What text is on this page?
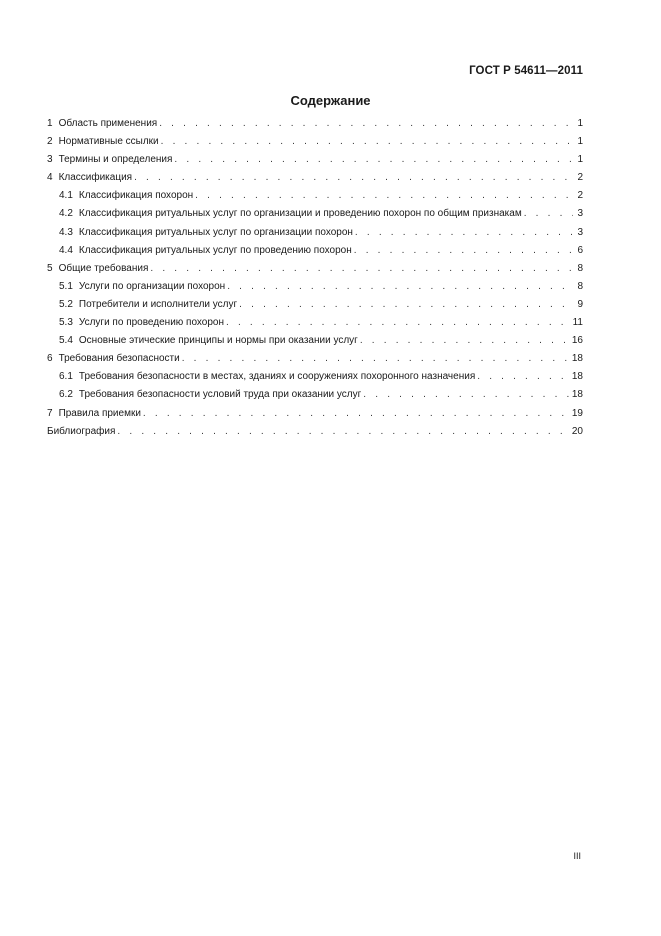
ГОСТ Р 54611—2011
Содержание
1 Область применения . . .	1
2 Нормативные ссылки . . .	1
3 Термины и определения . . .	1
4 Классификация . . .	2
4.1 Классификация похорон . . .	2
4.2 Классификация ритуальных услуг по организации и проведению похорон по общим признакам . . .	3
4.3 Классификация ритуальных услуг по организации похорон . . .	3
4.4 Классификация ритуальных услуг по проведению похорон . . .	6
5 Общие требования . . .	8
5.1 Услуги по организации похорон . . .	8
5.2 Потребители и исполнители услуг . . .	9
5.3 Услуги по проведению похорон . . .	11
5.4 Основные этические принципы и нормы при оказании услуг . . .	16
6 Требования безопасности . . .	18
6.1 Требования безопасности в местах, зданиях и сооружениях похоронного назначения . . .	18
6.2 Требования безопасности условий труда при оказании услуг . . .	18
7 Правила приемки . . .	19
Библиография . . .	20
III
